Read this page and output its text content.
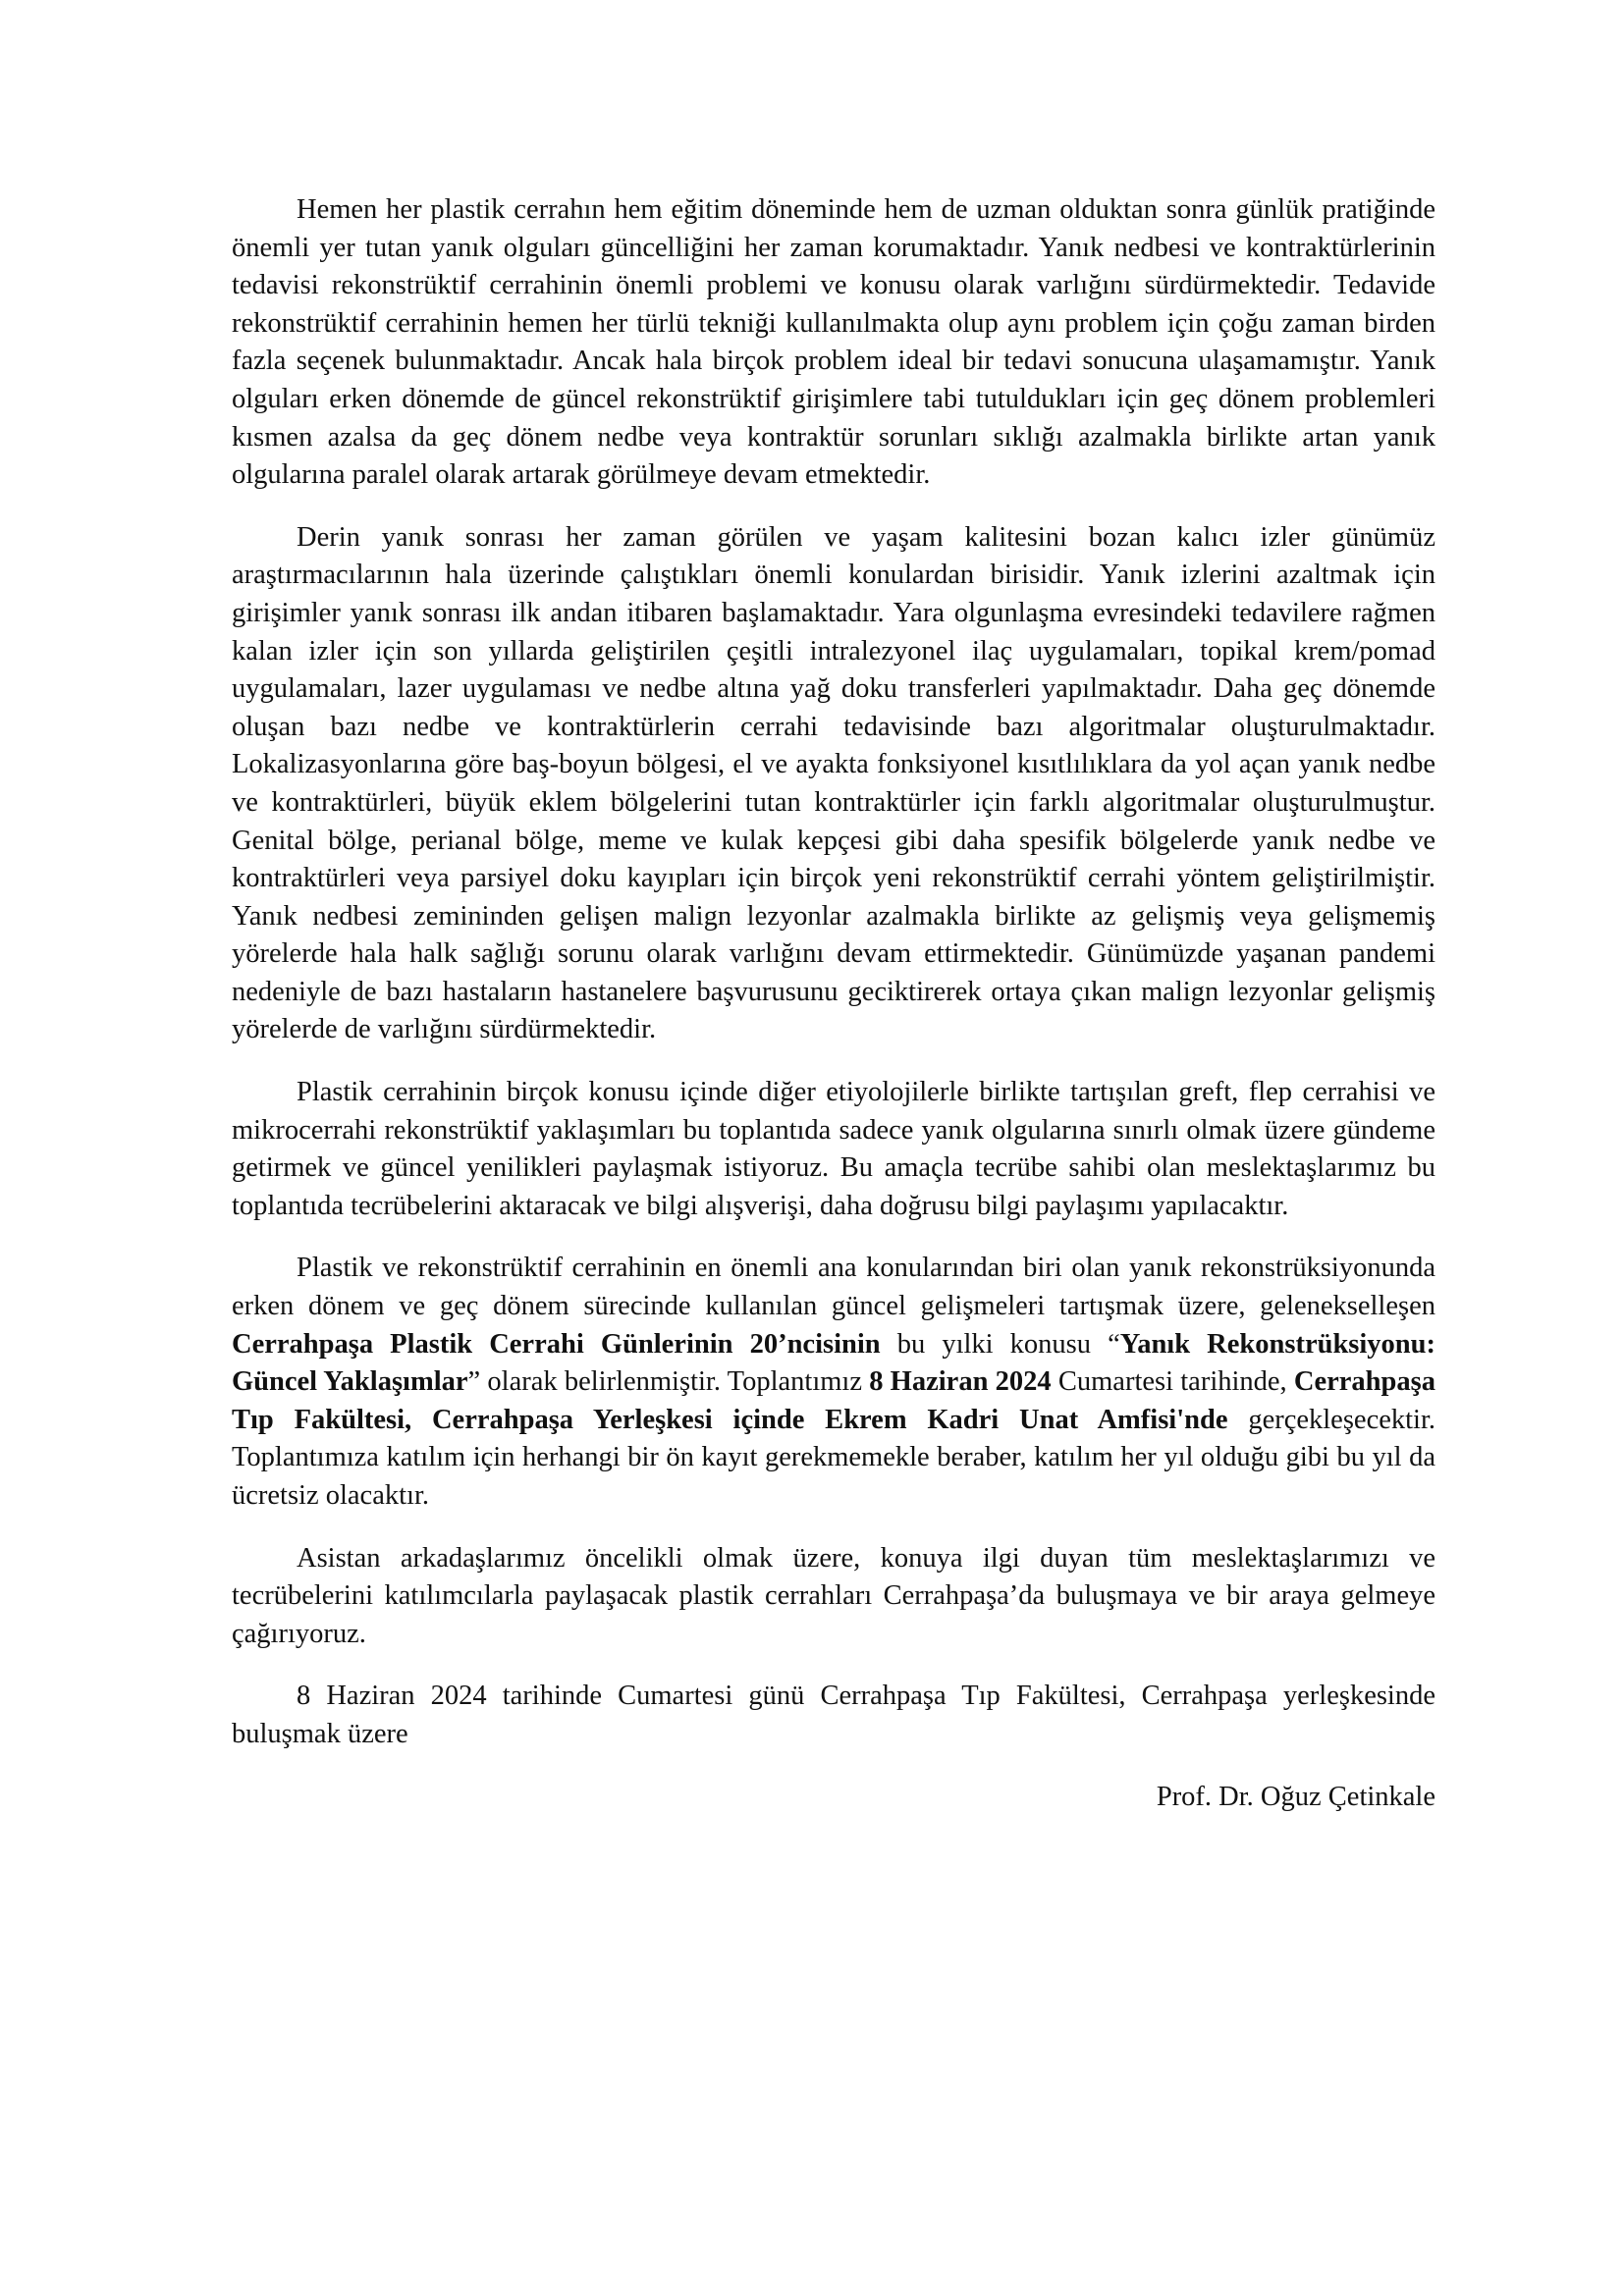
Hemen her plastik cerrahın hem eğitim döneminde hem de uzman olduktan sonra günlük pratiğinde önemli yer tutan yanık olguları güncelliğini her zaman korumaktadır. Yanık nedbesi ve kontraktürlerinin tedavisi rekonstrüktif cerrahinin önemli problemi ve konusu olarak varlığını sürdürmektedir. Tedavide rekonstrüktif cerrahinin hemen her türlü tekniği kullanılmakta olup aynı problem için çoğu zaman birden fazla seçenek bulunmaktadır. Ancak hala birçok problem ideal bir tedavi sonucuna ulaşamamıştır. Yanık olguları erken dönemde de güncel rekonstrüktif girişimlere tabi tutuldukları için geç dönem problemleri kısmen azalsa da geç dönem nedbe veya kontraktür sorunları sıklığı azalmakla birlikte artan yanık olgularına paralel olarak artarak görülmeye devam etmektedir.

Derin yanık sonrası her zaman görülen ve yaşam kalitesini bozan kalıcı izler günümüz araştırmacılarının hala üzerinde çalıştıkları önemli konulardan birisidir. Yanık izlerini azaltmak için girişimler yanık sonrası ilk andan itibaren başlamaktadır. Yara olgunlaşma evresindeki tedavilere rağmen kalan izler için son yıllarda geliştirilen çeşitli intralezyonel ilaç uygulamaları, topikal krem/pomad uygulamaları, lazer uygulaması ve nedbe altına yağ doku transferleri yapılmaktadır. Daha geç dönemde oluşan bazı nedbe ve kontraktürlerin cerrahi tedavisinde bazı algoritmalar oluşturulmaktadır. Lokalizasyonlarına göre baş-boyun bölgesi, el ve ayakta fonksiyonel kısıtlılıklara da yol açan yanık nedbe ve kontraktürleri, büyük eklem bölgelerini tutan kontraktürler için farklı algoritmalar oluşturulmuştur. Genital bölge, perianal bölge, meme ve kulak kepçesi gibi daha spesifik bölgelerde yanık nedbe ve kontraktürleri veya parsiyel doku kayıpları için birçok yeni rekonstrüktif cerrahi yöntem geliştirilmiştir. Yanık nedbesi zemininden gelişen malign lezyonlar azalmakla birlikte az gelişmiş veya gelişmemiş yörelerde hala halk sağlığı sorunu olarak varlığını devam ettirmektedir. Günümüzde yaşanan pandemi nedeniyle de bazı hastaların hastanelere başvurusunu geciktirerek ortaya çıkan malign lezyonlar gelişmiş yörelerde de varlığını sürdürmektedir.

Plastik cerrahinin birçok konusu içinde diğer etiyolojilerle birlikte tartışılan greft, flep cerrahisi ve mikrocerrahi rekonstrüktif yaklaşımları bu toplantıda sadece yanık olgularına sınırlı olmak üzere gündeme getirmek ve güncel yenilikleri paylaşmak istiyoruz. Bu amaçla tecrübe sahibi olan meslektaşlarımız bu toplantıda tecrübelerini aktaracak ve bilgi alışverişi, daha doğrusu bilgi paylaşımı yapılacaktır.

Plastik ve rekonstrüktif cerrahinin en önemli ana konularından biri olan yanık rekonstrüksiyonunda erken dönem ve geç dönem sürecinde kullanılan güncel gelişmeleri tartışmak üzere, gelenekselleşen Cerrahpaşa Plastik Cerrahi Günlerinin 20’ncisinin bu yılki konusu “Yanık Rekonstrüksiyonu: Güncel Yaklaşımlar” olarak belirlenmiştir. Toplantımız 8 Haziran 2024 Cumartesi tarihinde, Cerrahpaşa Tıp Fakültesi, Cerrahpaşa Yerleşkesi içinde Ekrem Kadri Unat Amfisi'nde gerçekleşecektir. Toplantımıza katılım için herhangi bir ön kayıt gerekmemekle beraber, katılım her yıl olduğu gibi bu yıl da ücretsiz olacaktır.

Asistan arkadaşlarımız öncelikli olmak üzere, konuya ilgi duyan tüm meslektaşlarımızı ve tecrübelerini katılımcılarla paylaşacak plastik cerrahları Cerrahpaşa’da buluşmaya ve bir araya gelmeye çağırıyoruz.

8 Haziran 2024 tarihinde Cumartesi günü Cerrahpaşa Tıp Fakültesi, Cerrahpaşa yerleşkesinde buluşmak üzere

Prof. Dr. Oğuz Çetinkale
